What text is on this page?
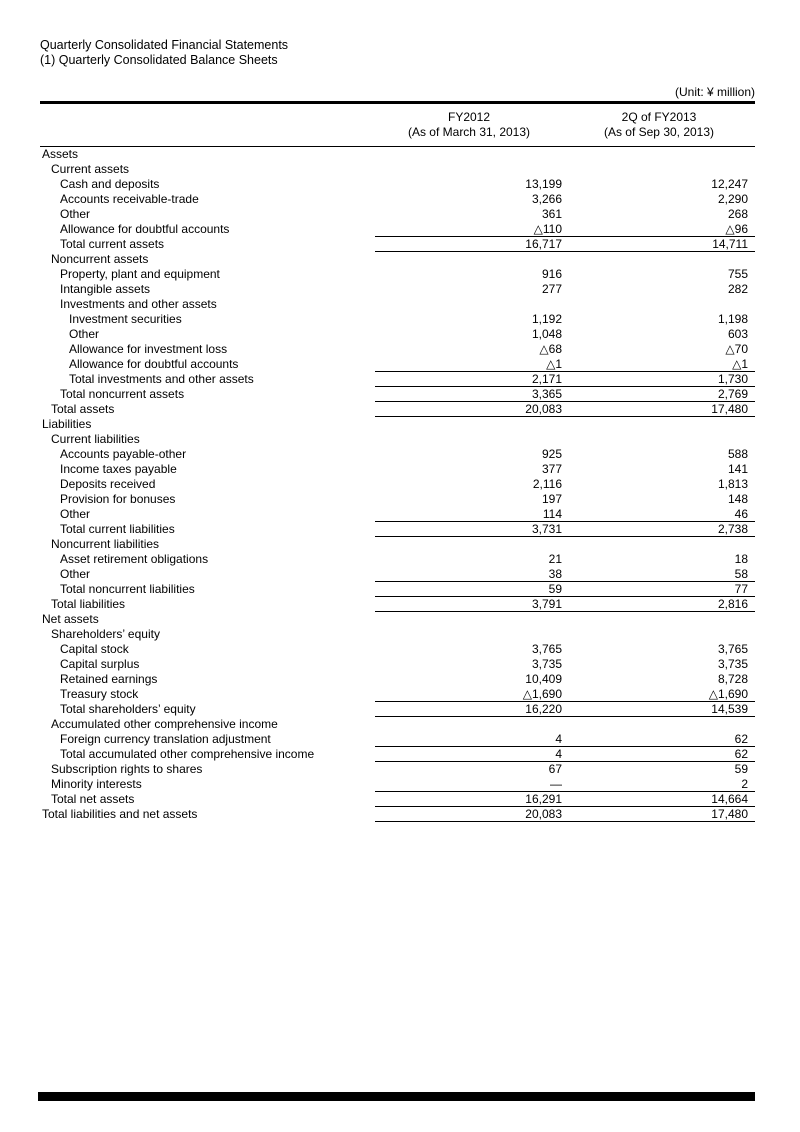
Quarterly Consolidated Financial Statements
(1) Quarterly Consolidated Balance Sheets
(Unit: ¥ million)

FY2012
(As of March 31, 2013)

2Q of FY2013
(As of Sep 30, 2013)

Assets		
Current assets		
Cash and deposits	13,199	12,247
Accounts receivable-trade	3,266	2,290
Other	361	268
Allowance for doubtful accounts	△110	△96
Total current assets	16,717	14,711
Noncurrent assets		
Property, plant and equipment	916	755
Intangible assets	277	282
Investments and other assets		
Investment securities	1,192	1,198
Other	1,048	603
Allowance for investment loss	△68	△70
Allowance for doubtful accounts	△1	△1
Total investments and other assets	2,171	1,730
Total noncurrent assets	3,365	2,769
Total assets	20,083	17,480
Liabilities		
Current liabilities		
Accounts payable-other	925	588
Income taxes payable	377	141
Deposits received	2,116	1,813
Provision for bonuses	197	148
Other	114	46
Total current liabilities	3,731	2,738
Noncurrent liabilities		
Asset retirement obligations	21	18
Other	38	58
Total noncurrent liabilities	59	77
Total liabilities	3,791	2,816
Net assets		
Shareholders’ equity		
Capital stock	3,765	3,765
Capital surplus	3,735	3,735
Retained earnings	10,409	8,728
Treasury stock	△1,690	△1,690
Total shareholders’ equity	16,220	14,539
Accumulated other comprehensive income		
Foreign currency translation adjustment	4	62
Total accumulated other comprehensive income	4	62
Subscription rights to shares	67	59
Minority interests	—	2
Total net assets	16,291	14,664
Total liabilities and net assets	20,083	17,480
